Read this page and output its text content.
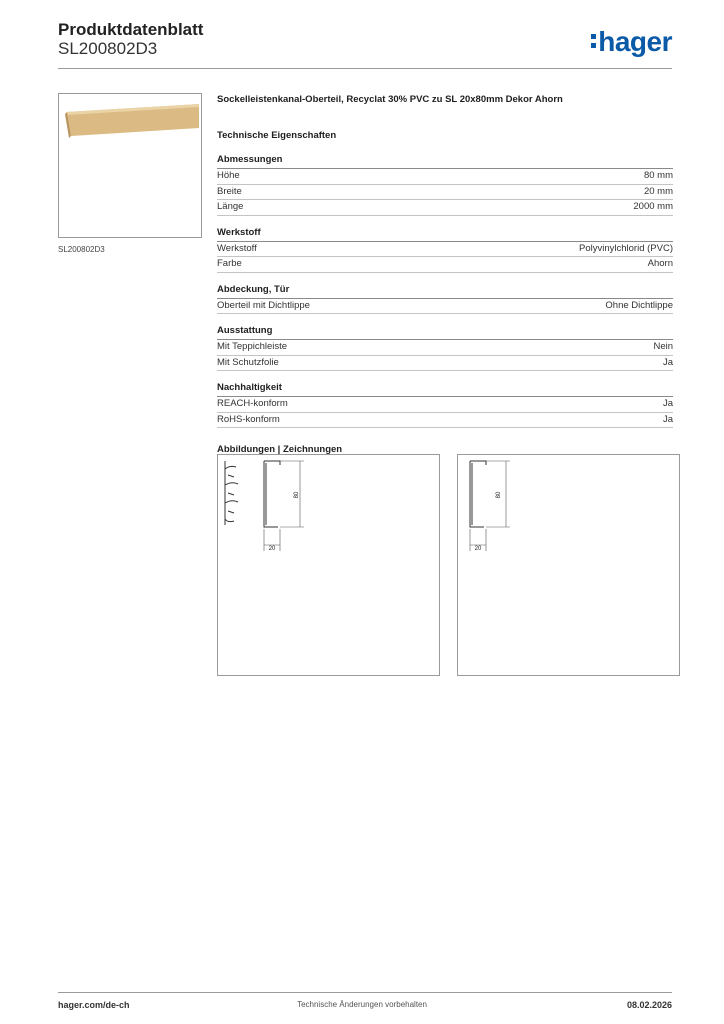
Produktdatenblatt
SL200802D3	hager
SL200802D3
Sockelleistenkanal-Oberteil, Recyclat 30% PVC zu SL 20x80mm Dekor Ahorn
Technische Eigenschaften
Abmessungen
Höhe	80 mm
Breite	20 mm
Länge	2000 mm
Werkstoff
Werkstoff	Polyvinylchlorid (PVC)
Farbe	Ahorn
Abdeckung, Tür
Oberteil mit Dichtlippe	Ohne Dichtlippe
Ausstattung
Mit Teppichleiste	Nein
Mit Schutzfolie	Ja
Nachhaltigkeit
REACH-konform	Ja
RoHS-konform	Ja
Abbildungen | Zeichnungen
80
20
80
20
Technische Änderungen vorbehalten
hager.com/de-ch	08.02.2026
